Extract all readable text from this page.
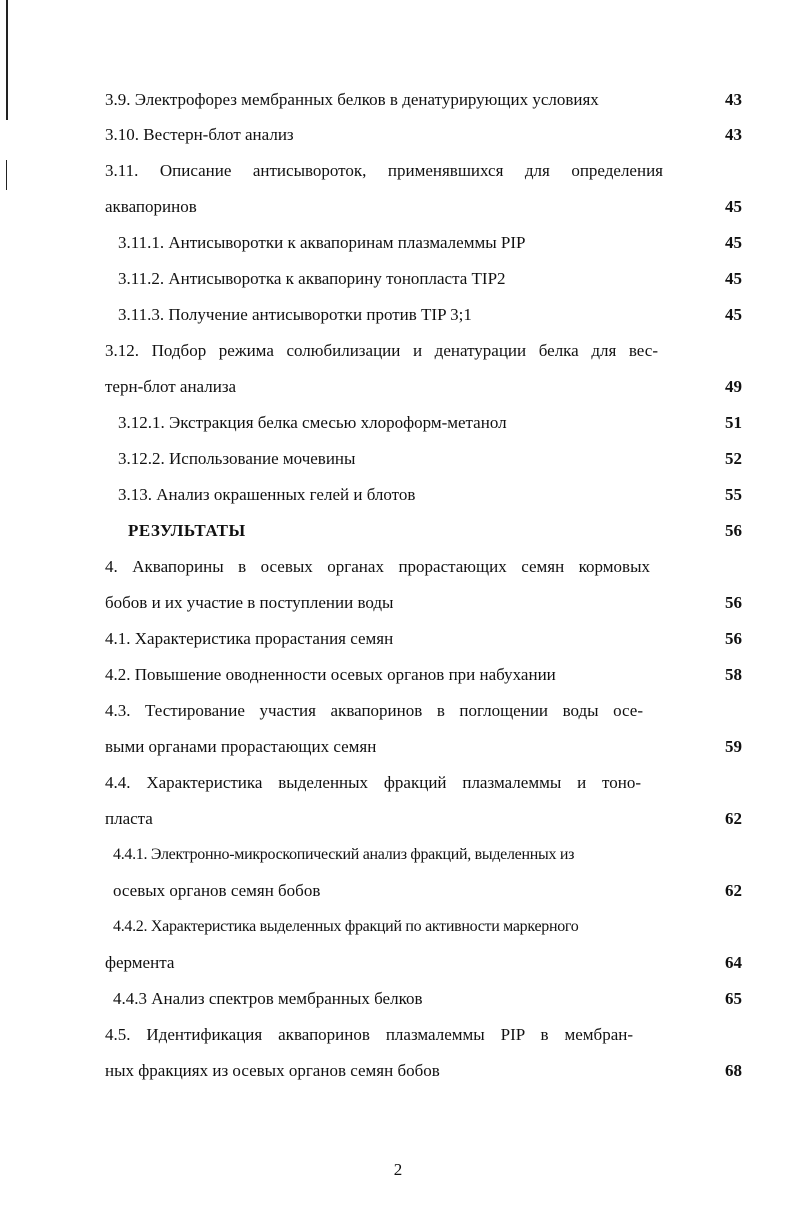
3.9. Электрофорез мембранных белков в денатурирующих условиях	43
3.10. Вестерн-блот анализ	43
3.11. Описание антисывороток, применявшихся для определения
аквапоринов	45
3.11.1. Антисыворотки к аквапоринам плазмалеммы PIP	45
3.11.2. Антисыворотка к аквапорину тонопласта TIP2	45
3.11.3. Получение антисыворотки против TIP 3;1	45
3.12. Подбор режима солюбилизации и денатурации белка для вес-
терн-блот анализа	49
3.12.1. Экстракция белка смесью хлороформ-метанол	51
3.12.2. Использование мочевины	52
3.13. Анализ окрашенных гелей и блотов	55
РЕЗУЛЬТАТЫ	56
4. Аквапорины в осевых органах прорастающих семян кормовых
бобов и их участие в поступлении воды	56
4.1. Характеристика прорастания семян	56
4.2. Повышение оводненности осевых органов при набухании	58
4.3. Тестирование участия аквапоринов в поглощении воды осе-
выми органами прорастающих семян	59
4.4. Характеристика выделенных фракций плазмалеммы и тоно-
пласта	62
4.4.1. Электронно-микроскопический анализ фракций, выделенных из
осевых органов семян бобов	62
4.4.2. Характеристика выделенных фракций по активности маркерного
фермента	64
4.4.3 Анализ спектров мембранных белков	65
4.5. Идентификация аквапоринов плазмалеммы PIP в мембран-
ных фракциях из осевых органов семян бобов	68
2
